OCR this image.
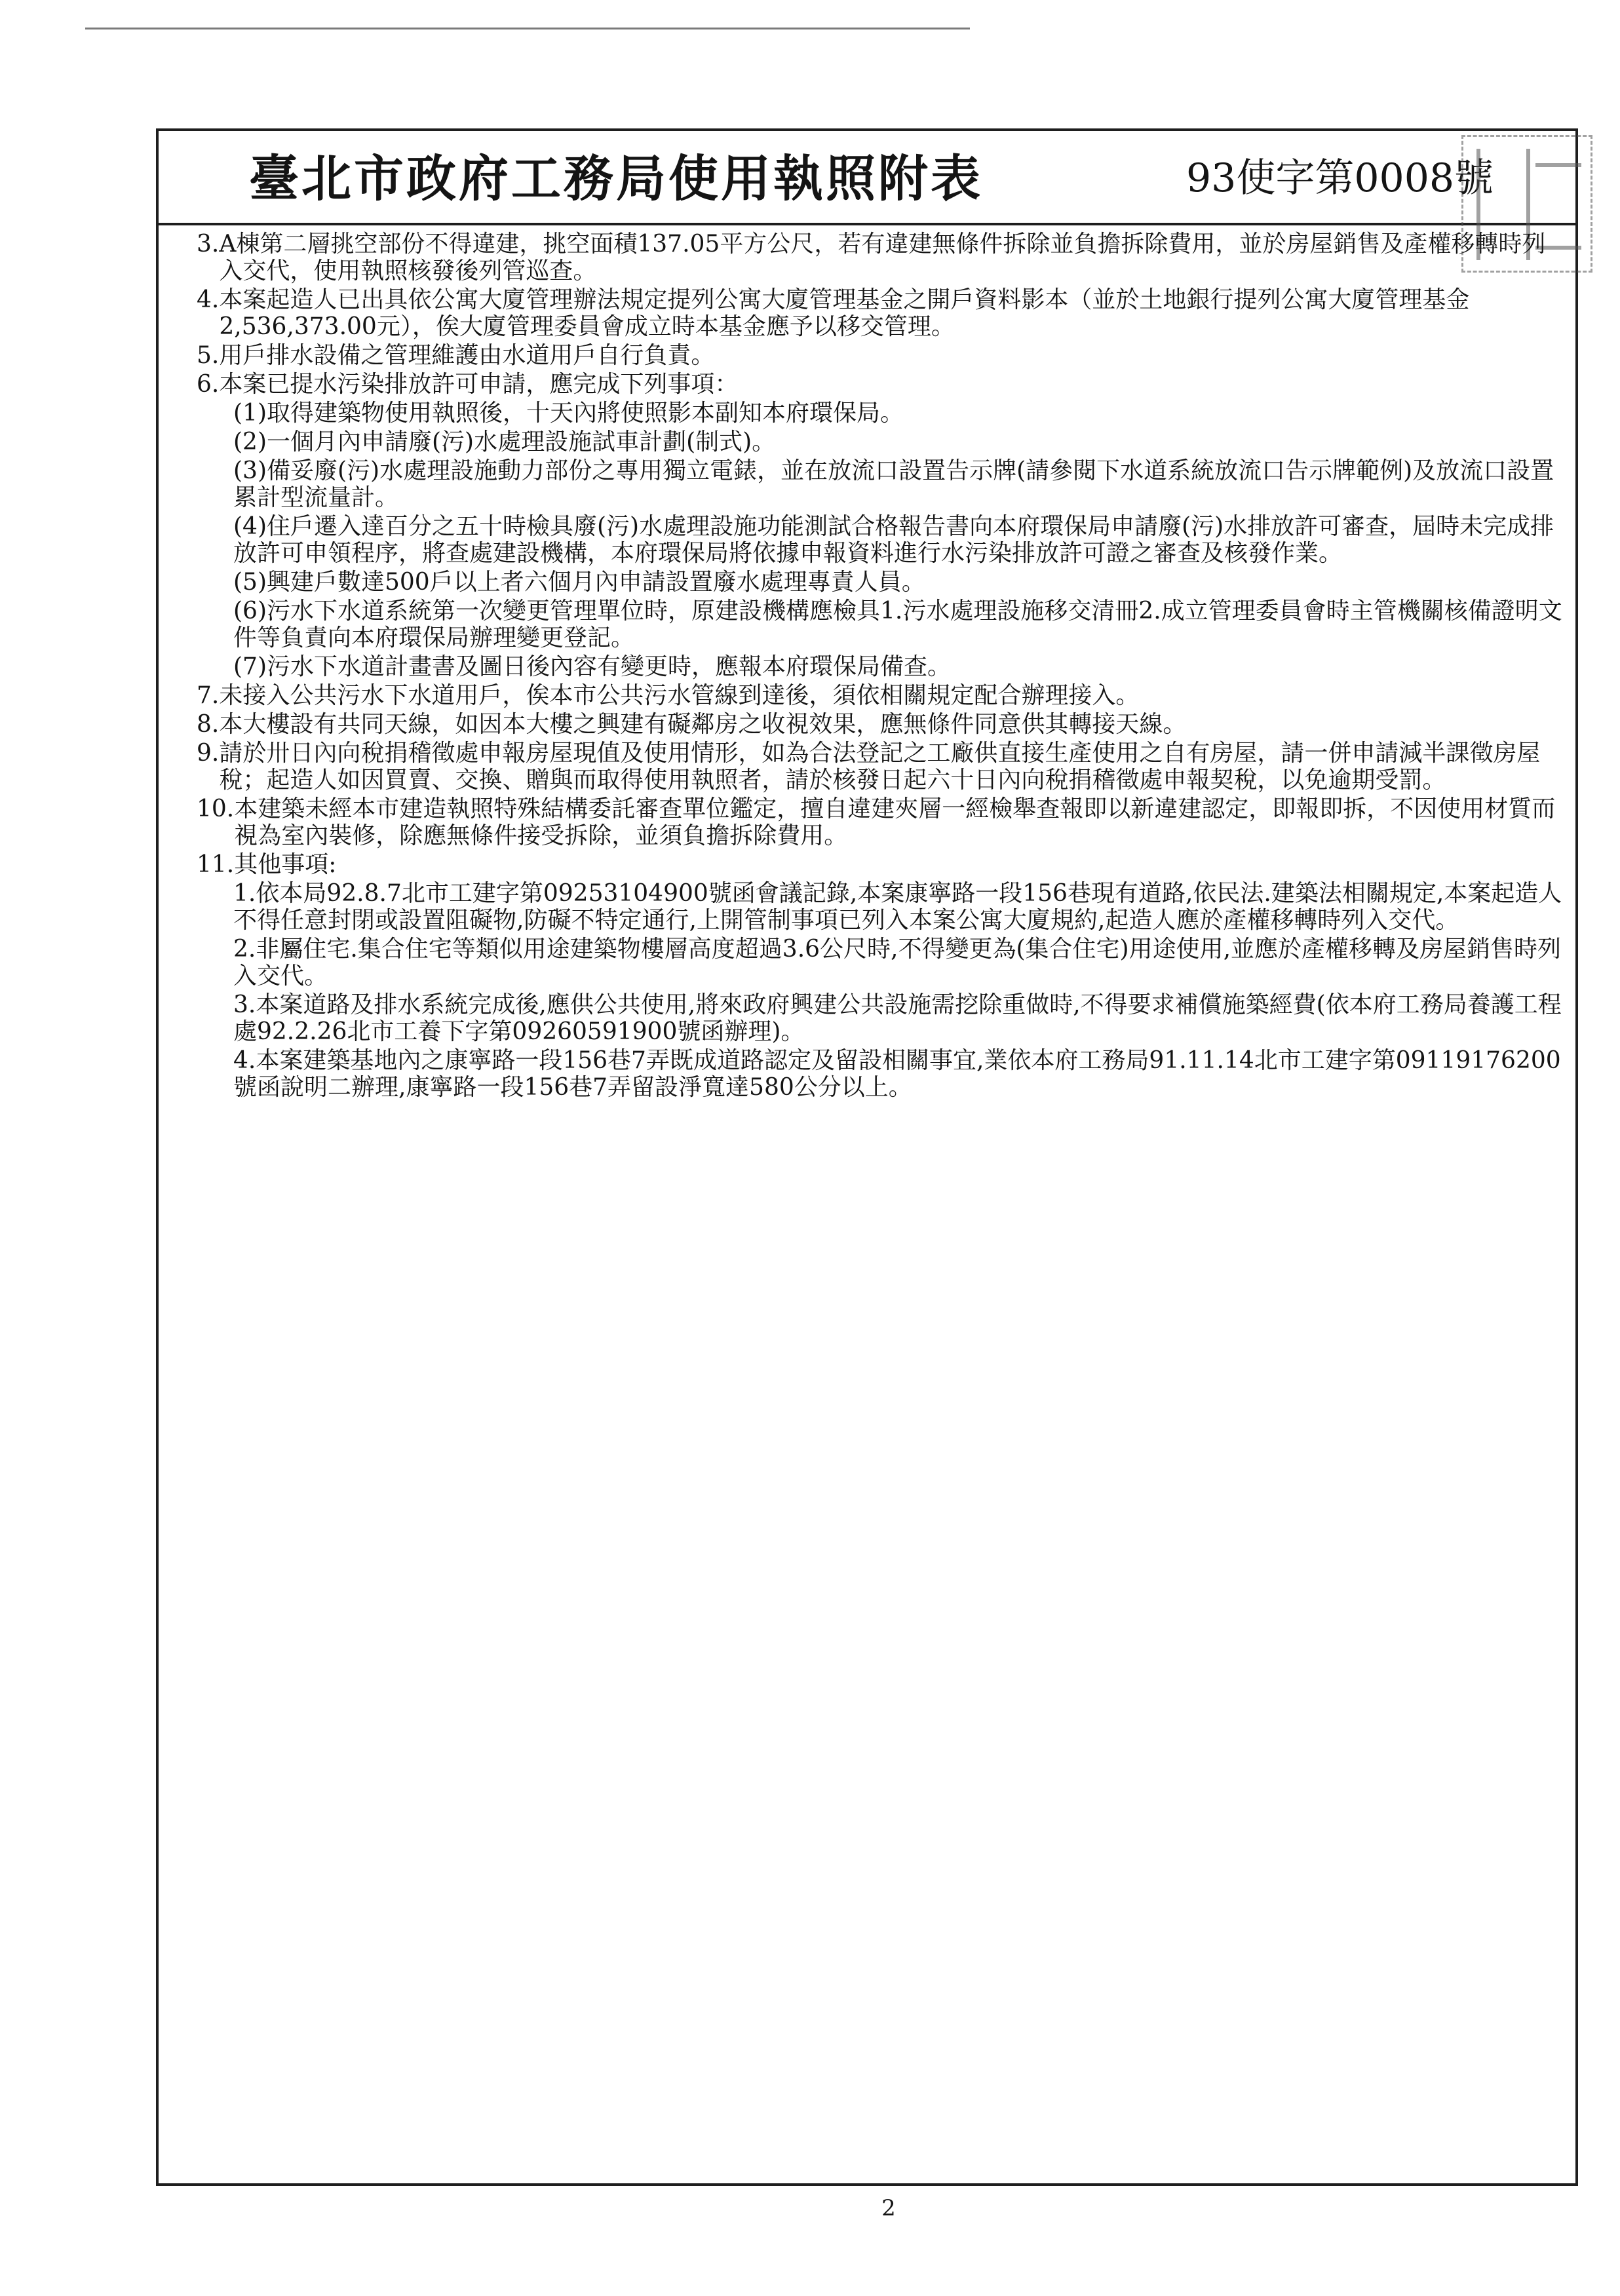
臺北市政府工務局使用執照附表	93使字第0008號
3. A棟第二層挑空部份不得違建，挑空面積137.05平方公尺，若有違建無條件拆除並負擔拆除費用，並於房屋銷售及產權移轉時列入交代，使用執照核發後列管巡查。
4. 本案起造人已出具依公寓大廈管理辦法規定提列公寓大廈管理基金之開戶資料影本（並於土地銀行提列公寓大廈管理基金2,536,373.00元），俟大廈管理委員會成立時本基金應予以移交管理。
5. 用戶排水設備之管理維護由水道用戶自行負責。
6. 本案已提水污染排放許可申請，應完成下列事項：
(1)取得建築物使用執照後，十天內將使照影本副知本府環保局。
(2)一個月內申請廢(污)水處理設施試車計劃(制式)。
(3)備妥廢(污)水處理設施動力部份之專用獨立電錶，並在放流口設置告示牌(請參閱下水道系統放流口告示牌範例)及放流口設置累計型流量計。
(4)住戶遷入達百分之五十時檢具廢(污)水處理設施功能測試合格報告書向本府環保局申請廢(污)水排放許可審查，屆時未完成排放許可申領程序，將查處建設機構，本府環保局將依據申報資料進行水污染排放許可證之審查及核發作業。
(5)興建戶數達500戶以上者六個月內申請設置廢水處理專責人員。
(6)污水下水道系統第一次變更管理單位時，原建設機構應檢具1.污水處理設施移交清冊2.成立管理委員會時主管機關核備證明文件等負責向本府環保局辦理變更登記。
(7)污水下水道計畫書及圖日後內容有變更時，應報本府環保局備查。
7. 未接入公共污水下水道用戶，俟本市公共污水管線到達後，須依相關規定配合辦理接入。
8. 本大樓設有共同天線，如因本大樓之興建有礙鄰房之收視效果，應無條件同意供其轉接天線。
9. 請於卅日內向稅捐稽徵處申報房屋現值及使用情形，如為合法登記之工廠供直接生產使用之自有房屋，請一併申請減半課徵房屋稅；起造人如因買賣、交換、贈與而取得使用執照者，請於核發日起六十日內向稅捐稽徵處申報契稅，以免逾期受罰。
10. 本建築未經本市建造執照特殊結構委託審查單位鑑定，擅自違建夾層一經檢舉查報即以新違建認定，即報即拆，不因使用材質而視為室內裝修，除應無條件接受拆除，並須負擔拆除費用。
11. 其他事項:
1.依本局92.8.7北市工建字第09253104900號函會議記錄,本案康寧路一段156巷現有道路,依民法.建築法相關規定,本案起造人不得任意封閉或設置阻礙物,防礙不特定通行,上開管制事項已列入本案公寓大廈規約,起造人應於產權移轉時列入交代。
2.非屬住宅.集合住宅等類似用途建築物樓層高度超過3.6公尺時,不得變更為(集合住宅)用途使用,並應於產權移轉及房屋銷售時列入交代。
3.本案道路及排水系統完成後,應供公共使用,將來政府興建公共設施需挖除重做時,不得要求補償施築經費(依本府工務局養護工程處92.2.26北市工養下字第09260591900號函辦理)。
4.本案建築基地內之康寧路一段156巷7弄既成道路認定及留設相關事宜,業依本府工務局91.11.14北市工建字第09119176200號函說明二辦理,康寧路一段156巷7弄留設淨寬達580公分以上。
2
